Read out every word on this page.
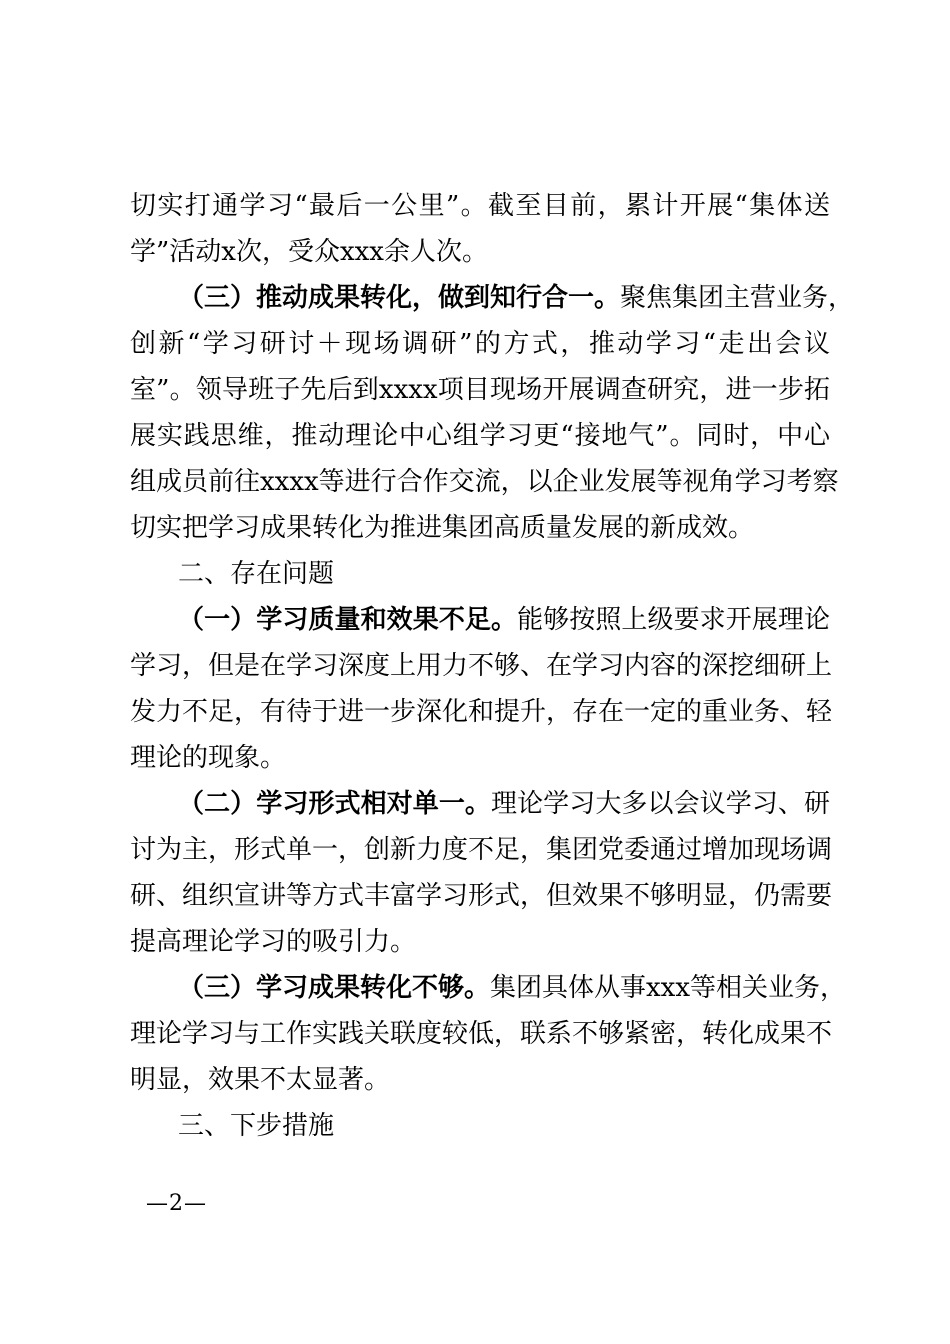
切实打通学习“最后一公里”。截至目前，累计开展“集体送
学”活动x次，受众xxx余人次。
（三）推动成果转化，做到知行合一。聚焦集团主营业务，
创新“学习研讨＋现场调研”的方式，推动学习“走出会议
室”。领导班子先后到xxxx项目现场开展调查研究，进一步拓
展实践思维，推动理论中心组学习更“接地气”。同时，中心
组成员前往xxxx等进行合作交流，以企业发展等视角学习考察
切实把学习成果转化为推进集团高质量发展的新成效。
二、存在问题
（一）学习质量和效果不足。能够按照上级要求开展理论
学习，但是在学习深度上用力不够、在学习内容的深挖细研上
发力不足，有待于进一步深化和提升，存在一定的重业务、轻
理论的现象。
（二）学习形式相对单一。理论学习大多以会议学习、研
讨为主，形式单一，创新力度不足，集团党委通过增加现场调
研、组织宣讲等方式丰富学习形式，但效果不够明显，仍需要
提高理论学习的吸引力。
（三）学习成果转化不够。集团具体从事xxx等相关业务，
理论学习与工作实践关联度较低，联系不够紧密，转化成果不
明显，效果不太显著。
三、下步措施
—2—
